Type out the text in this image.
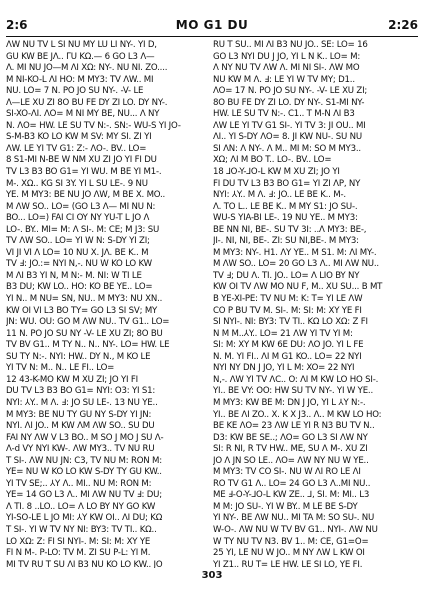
2:6	MO G1 DU	2:26
ɅW NU TV L SI NU MY LU LI NY-. YI D,
GU KW BE JɅ.. ΓU KΩ.— 6 GO L3 Ʌ—
Ʌ. MI NU JO—M ɅI XΩ: NY-. NU NI. ZO....
M NI-KO-L ɅI HO: M MY3: TV ɅW.. MI
NU. LO= 7 N. PO JO SU NY-. -V- LE
Ʌ—LE XU ZI 8O BU FE DY ZI LO. DY NY-.
SI-XO-ɅI. ɅO= M NI MY BE, NU... Ʌ NY
N. ɅO= HW. LE SU TV N:-. SN:- WU-S YI JO-
S-M-B3 KO LO KW M SV: MY SI. ZI YI
ɅW. LE YI TV G1: Z:- ɅO-. BV.. LO=
8 S1-MI N-BE W NM XU ZI JO YI FI DU
TV L3 B3 BO G1= YI WU. M BE YI M1-.
M-. XΩ.. KG SI 3Y. YI L SU LE-. 9 NU
YE. M MY3: BE NU JO ɅW, M BE X. MO..
M ɅW SO.. LO= (GO L3 Ʌ— MI NU N:
BO... LO=) FAI CI OY NY YU-T L JO Ʌ
LO-. BY.. MI= M: Ʌ SI-. M: CE; M J3: SU
TV ɅW SO.. LO= YI W N: S-DY YI ZI;
VI JI VI Ʌ LO= 10 NU X. JɅ. BE K.. M
TV Ⅎ: JO.:= NYI N,-. NU W KO LO KW
M ɅI B3 YI N, M N:- M. NI: W TI LE
B3 DU; KW LO.. HO: KO BE YE.. LO=
YI N.. M NU= SN, NU.. M MY3: NU XN..
KW OI VI L3 BO TY= GO L3 SI SV; MY
JN: WU. OU: GO M ɅW NU.. TV G1.. LO=
11 N. PO JO SU NY -V- LE XU ZI; 8O BU
TV BV G1.. M TY N.. N.. NY-. LO= HW. LE
SU TY N:-. NYI: HW.. DY N., M KO LE
YI TV N: M.. N.. LE FI.. LO=
12 43-K-MO KW M XU ZI; JO YI FI
DU TV L3 B3 BO G1= NYI: O3: YI S1:
NYI: ⅄Y.. M Ʌ. Ⅎ: JO SU LE-. 13 NU YE..
M MY3: BE NU TY GU NY S-DY YI JN:
NYI. ɅI JO.. M KW ɅM ɅW SO.. SU DU
FAI NY ɅW V L3 BO.. M SO J MO J SU Ʌ-
Ʌ-d VY NYI KW-. ɅW MY3.. TV NU RU
T SI-. ɅW NU JN: C3, TV NU M: RON M:
YE= NU W KO LO KW S-DY TY GU KW..
YI TV SE;.. ⅄Y Ʌ.. MI.. NU M: RON M:
YE= 14 GO L3 Ʌ.. MI ɅW NU TV Ⅎ: DU;
Ʌ TI. 8 ..LO.. LO= Ʌ LO BY NY GO KW
YI-SO-LE L JO MI: ⅄Y KW OI.. ɅI DU; KΩ
T SI-. YI W TV NY NI: BY3: TV TI.. KΩ..
LO XΩ: Z: FI SI NYI-. M: SI: M: XY YE
FI N M-. P-LO: TV M. ZI SU P-L: YI M.
MI TV RU T SU ɅI B3 NU KO LO KW.. JO
RU T SU.. MI ɅI B3 NU JO.. SE: LO= 16
GO L3 NYI DU J JO, YI L N K.. LO= M:
Ʌ NY NU TV ɅW Ʌ. MI NI SI-. ɅW MO
NU KW M Ʌ. Ⅎ: LE YI W TV MY; D1..
ɅO= 17 N. PO JO SU NY-. -V- LE XU ZI;
8O BU FE DY ZI LO. DY NY-. S1-MI NY-
HW. LE SU TV N:-. C1.. T M-N ɅI B3
ɅW LE YI TV G1 SI-. YI TV 3: JI OU.. MI
ɅI.. YI S-DY ɅO= 8. JI KW NU-. SU NU
SI ɅN: Ʌ NY-. Ʌ M.. MI M: SO M MY3..
XΩ; ɅI M BO T.. LO-. BV.. LO=
18 ⅃O-Y-⅃O-L KW M XU ZI; JO YI
FI DU TV L3 B3 BO G1= YI ZI ɅP, NY
NYI: ⅄Y.. M Ʌ. Ⅎ: JO.. LE BE K.. M-.
Ʌ. TO L.. LE BE K.. M MY S1: JO SU-.
WU-S YIA-BI LE-. 19 NU YE.. M MY3:
BE NN NI, BE-. SU TV 3I: ..Ʌ MY3: BE-,
JI-. NI, NI, BE-. ZI: SU NI,BE-. M MY3:
M MY3: NY-. H1. ɅY YE.. M S1. M: ɅI MY-.
M ɅW SO.. LO= 20 GO L3 Ʌ.. MI ɅW NU..
TV Ⅎ; DU Ʌ. TI. JO.. LO= Ʌ LIO BY NY
KW OI TV ɅW MO NU F, M.. XU SU... B MT
B YE-XI-PE: TV NU M: K: T= YI LE ɅW
CO P BU TV M. SI-. M: SI: M: XY YE FI
SI NYI-. NI: BY3: TV TI.. KΩ LO XΩ: Z FI
N M M..⅄Y.. LO= 21 ɅW YI TV YI M:
SI: M: XY M KW 6E DU: ɅO JO. YI L FE
N. M. YI FI.. ɅI M G1 KO.. LO= 22 NYI
NYI NY DN J JO, YI L M: XO= 22 NYI
N,-. ɅW YI TV ɅC.. O: ɅI M KW LO HO SI-.
YI.. BE VY: OO: HW SU TV NY-. YI W YE..
M MY3: KW BE M: DN J JO, YI L ⅄Y N:-.
YI.. BE ɅI ZO.. X. K X J3.. Ʌ.. M KW LO HO:
BE KE ɅO= 23 ɅW LE YI R N3 BU TV N..
D3: KW BE SE..; ɅO= GO L3 SI ɅW NY
SI: R NI, R TV HW.. ME, SU Ʌ M-. XU ZI
JO Ʌ JN SO LE.. ɅO= ɅW NY NU W YE..
M MY3: TV CO SI-. NU W ɅI RO LE ɅI
RO TV G1 Ʌ.. LO= 24 GO L3 Ʌ..MI NU..
ME Ⅎ-O-Y-⅃O-L KW ZE.. ⅃, SI. M: MI.. L3
M M: JO SU-. YI W BY.. M LE BE S-DY
YI NY-. BE ɅW NU.. MI TA M: SO SU-. NU
W-O-. ɅW NU W TV BV G1.. NYI-. ɅW NU
W TY NU TV N3. BV 1.. M: CE, G1=O=
25 YI, LE NU W JO.. M NY ɅW L KW OI
YI Z1.. RU T= LE HW. LE SI LO, YE FI.
303
